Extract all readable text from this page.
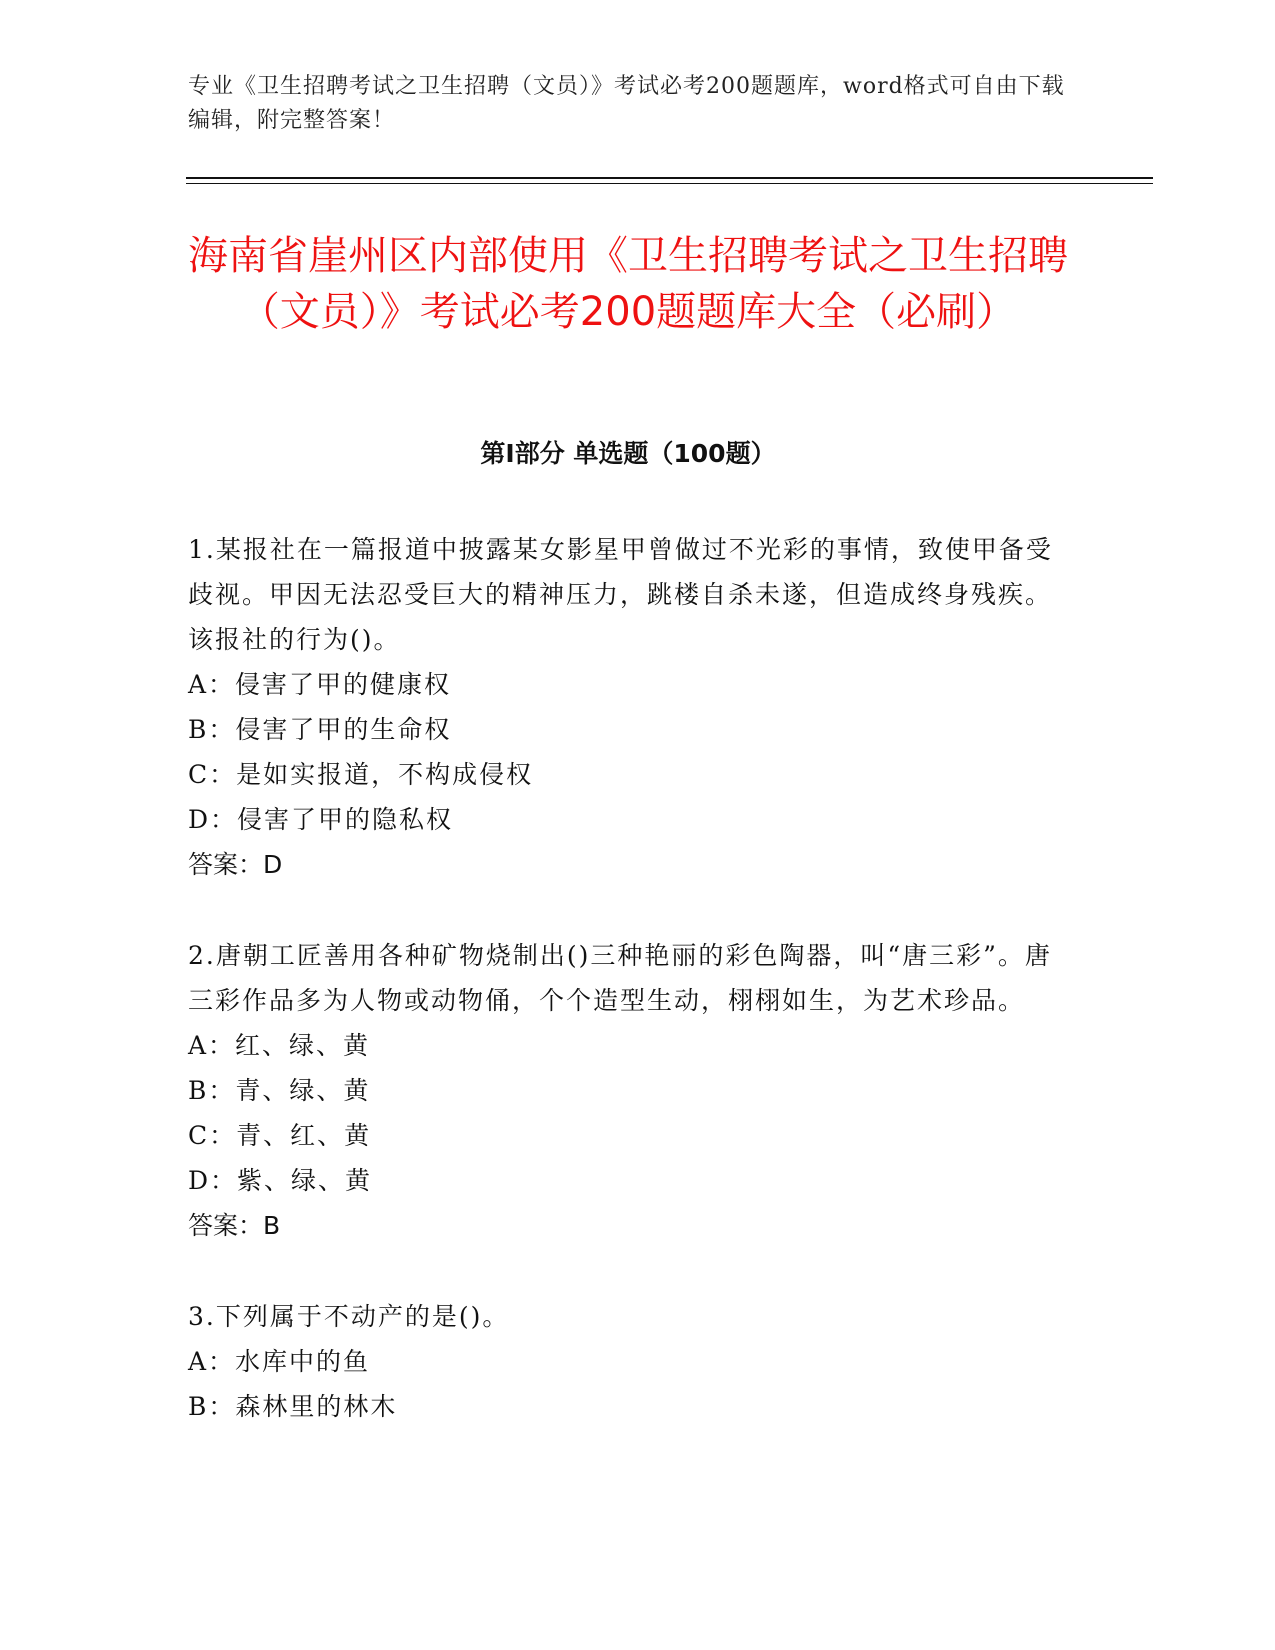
专业《卫生招聘考试之卫生招聘（文员）》考试必考200题题库，word格式可自由下载编辑，附完整答案！
海南省崖州区内部使用《卫生招聘考试之卫生招聘（文员）》考试必考200题题库大全（必刷）
第I部分 单选题（100题）
1.某报社在一篇报道中披露某女影星甲曾做过不光彩的事情，致使甲备受歧视。甲因无法忍受巨大的精神压力，跳楼自杀未遂，但造成终身残疾。该报社的行为()。
A：侵害了甲的健康权
B：侵害了甲的生命权
C：是如实报道，不构成侵权
D：侵害了甲的隐私权
答案：D
2.唐朝工匠善用各种矿物烧制出()三种艳丽的彩色陶器，叫“唐三彩”。唐三彩作品多为人物或动物俑，个个造型生动，栩栩如生，为艺术珍品。
A：红、绿、黄
B：青、绿、黄
C：青、红、黄
D：紫、绿、黄
答案：B
3.下列属于不动产的是()。
A：水库中的鱼
B：森林里的林木
